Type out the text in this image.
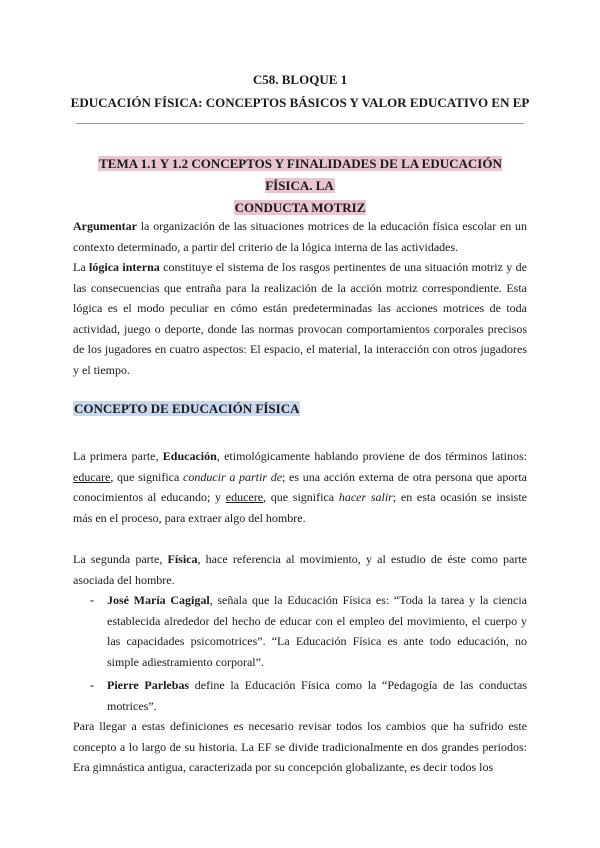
C58. BLOQUE 1
EDUCACIÓN FÍSICA: CONCEPTOS BÁSICOS Y VALOR EDUCATIVO EN EP
TEMA 1.1 Y 1.2 CONCEPTOS Y FINALIDADES DE LA EDUCACIÓN FÍSICA. LA
CONDUCTA MOTRIZ
Argumentar la organización de las situaciones motrices de la educación física escolar en un contexto determinado, a partir del criterio de la lógica interna de las actividades.
La lógica interna constituye el sistema de los rasgos pertinentes de una situación motriz y de las consecuencias que entraña para la realización de la acción motriz correspondiente. Esta lógica es el modo peculiar en cómo están predeterminadas las acciones motrices de toda actividad, juego o deporte, donde las normas provocan comportamientos corporales precisos de los jugadores en cuatro aspectos: El espacio, el material, la interacción con otros jugadores y el tiempo.
CONCEPTO DE EDUCACIÓN FÍSICA
La primera parte, Educación, etimológicamente hablando proviene de dos términos latinos: educare, que significa conducir a partir de; es una acción externa de otra persona que aporta conocimientos al educando; y educere, que significa hacer salir; en esta ocasión se insiste más en el proceso, para extraer algo del hombre.
La segunda parte, Física, hace referencia al movimiento, y al estudio de éste como parte asociada del hombre.
- José María Cagigal, señala que la Educación Física es: “Toda la tarea y la ciencia establecida alrededor del hecho de educar con el empleo del movimiento, el cuerpo y las capacidades psicomotrices”. “La Educación Física es ante todo educación, no simple adiestramiento corporal”.
- Pierre Parlebas define la Educación Física como la “Pedagogía de las conductas motrices”.
Para llegar a estas definiciones es necesario revisar todos los cambios que ha sufrido este concepto a lo largo de su historia. La EF se divide tradicionalmente en dos grandes periodos: Era gimnástica antigua, caracterizada por su concepción globalizante, es decir todos los
